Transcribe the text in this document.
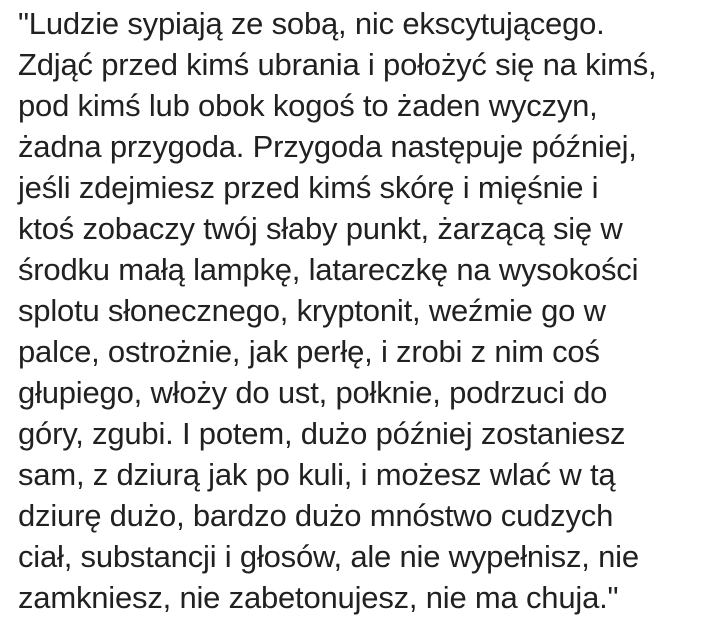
"Ludzie sypiają ze sobą, nic ekscytującego.
Zdjąć przed kimś ubrania i położyć się na kimś,
pod kimś lub obok kogoś to żaden wyczyn,
żadna przygoda. Przygoda następuje później,
jeśli zdejmiesz przed kimś skórę i mięśnie i
ktoś zobaczy twój słaby punkt, żarzącą się w
środku małą lampkę, latareczkę na wysokości
splotu słonecznego, kryptonit, weźmie go w
palce, ostrożnie, jak perłę, i zrobi z nim coś
głupiego, włoży do ust, połknie, podrzuci do
góry, zgubi. I potem, dużo później zostaniesz
sam, z dziurą jak po kuli, i możesz wlać w tą
dziurę dużo, bardzo dużo mnóstwo cudzych
ciał, substancji i głosów, ale nie wypełnisz, nie
zamkniesz, nie zabetonujesz, nie ma chuja."
